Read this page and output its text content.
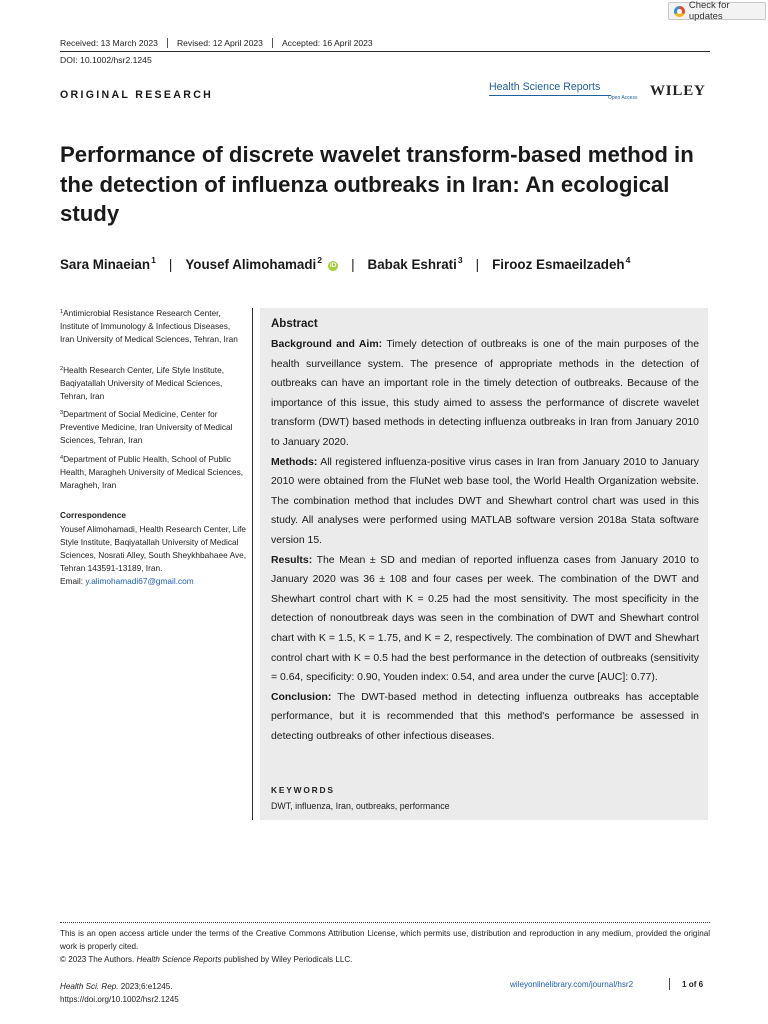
Check for updates
Received: 13 March 2023	Revised: 12 April 2023	Accepted: 16 April 2023
DOI: 10.1002/hsr2.1245
ORIGINAL RESEARCH
Health Science Reports
Open Access WILEY
Performance of discrete wavelet transform-based method in the detection of influenza outbreaks in Iran: An ecological study
Sara Minaeian$^1$ | Yousef Alimohamadi$^2$
iD | Babak Eshrati$^3$ | Firooz Esmaeilzadeh$^4$
$^1$Antimicrobial Resistance Research Center, Institute of Immunology & Infectious Diseases, Iran University of Medical Sciences, Tehran, Iran
$^2$Health Research Center, Life Style Institute, Baqiyatallah University of Medical Sciences, Tehran, Iran
$^3$Department of Social Medicine, Center for Preventive Medicine, Iran University of Medical Sciences, Tehran, Iran
$^4$Department of Public Health, School of Public Health, Maragheh University of Medical Sciences, Maragheh, Iran
Correspondence
Yousef Alimohamadi, Health Research Center, Life Style Institute, Baqiyatallah University of Medical Sciences, Nosrati Alley, South Sheykhbahaee Ave, Tehran 143591-13189, Iran.
Email: y.alimohamadi67@gmail.com
Abstract

Background and Aim: Timely detection of outbreaks is one of the main purposes of the health surveillance system. The presence of appropriate methods in the detection of outbreaks can have an important role in the timely detection of outbreaks. Because of the importance of this issue, this study aimed to assess the performance of discrete wavelet transform (DWT) based methods in detecting influenza outbreaks in Iran from January 2010 to January 2020.

Methods: All registered influenza-positive virus cases in Iran from January 2010 to January 2010 were obtained from the FluNet web base tool, the World Health Organization website. The combination method that includes DWT and Shewhart control chart was used in this study. All analyses were performed using MATLAB software version 2018a Stata software version 15.

Results: The Mean ± SD and median of reported influenza cases from January 2010 to January 2020 was 36 ± 108 and four cases per week. The combination of the DWT and Shewhart control chart with K = 0.25 had the most sensitivity. The most specificity in the detection of nonoutbreak days was seen in the combination of DWT and Shewhart control chart with K = 1.5, K = 1.75, and K = 2, respectively. The combination of DWT and Shewhart control chart with K = 0.5 had the best performance in the detection of outbreaks (sensitivity = 0.64, specificity: 0.90, Youden index: 0.54, and area under the curve [AUC]: 0.77).

Conclusion: The DWT-based method in detecting influenza outbreaks has acceptable performance, but it is recommended that this method's performance be assessed in detecting outbreaks of other infectious diseases.

KEYWORDS
DWT, influenza, Iran, outbreaks, performance
This is an open access article under the terms of the Creative Commons Attribution License, which permits use, distribution and reproduction in any medium, provided the original work is properly cited.
© 2023 The Authors. Health Science Reports published by Wiley Periodicals LLC.
Health Sci. Rep. 2023;6:e1245.
https://doi.org/10.1002/hsr2.1245
wileyonlinelibrary.com/journal/hsr2	1 of 6
